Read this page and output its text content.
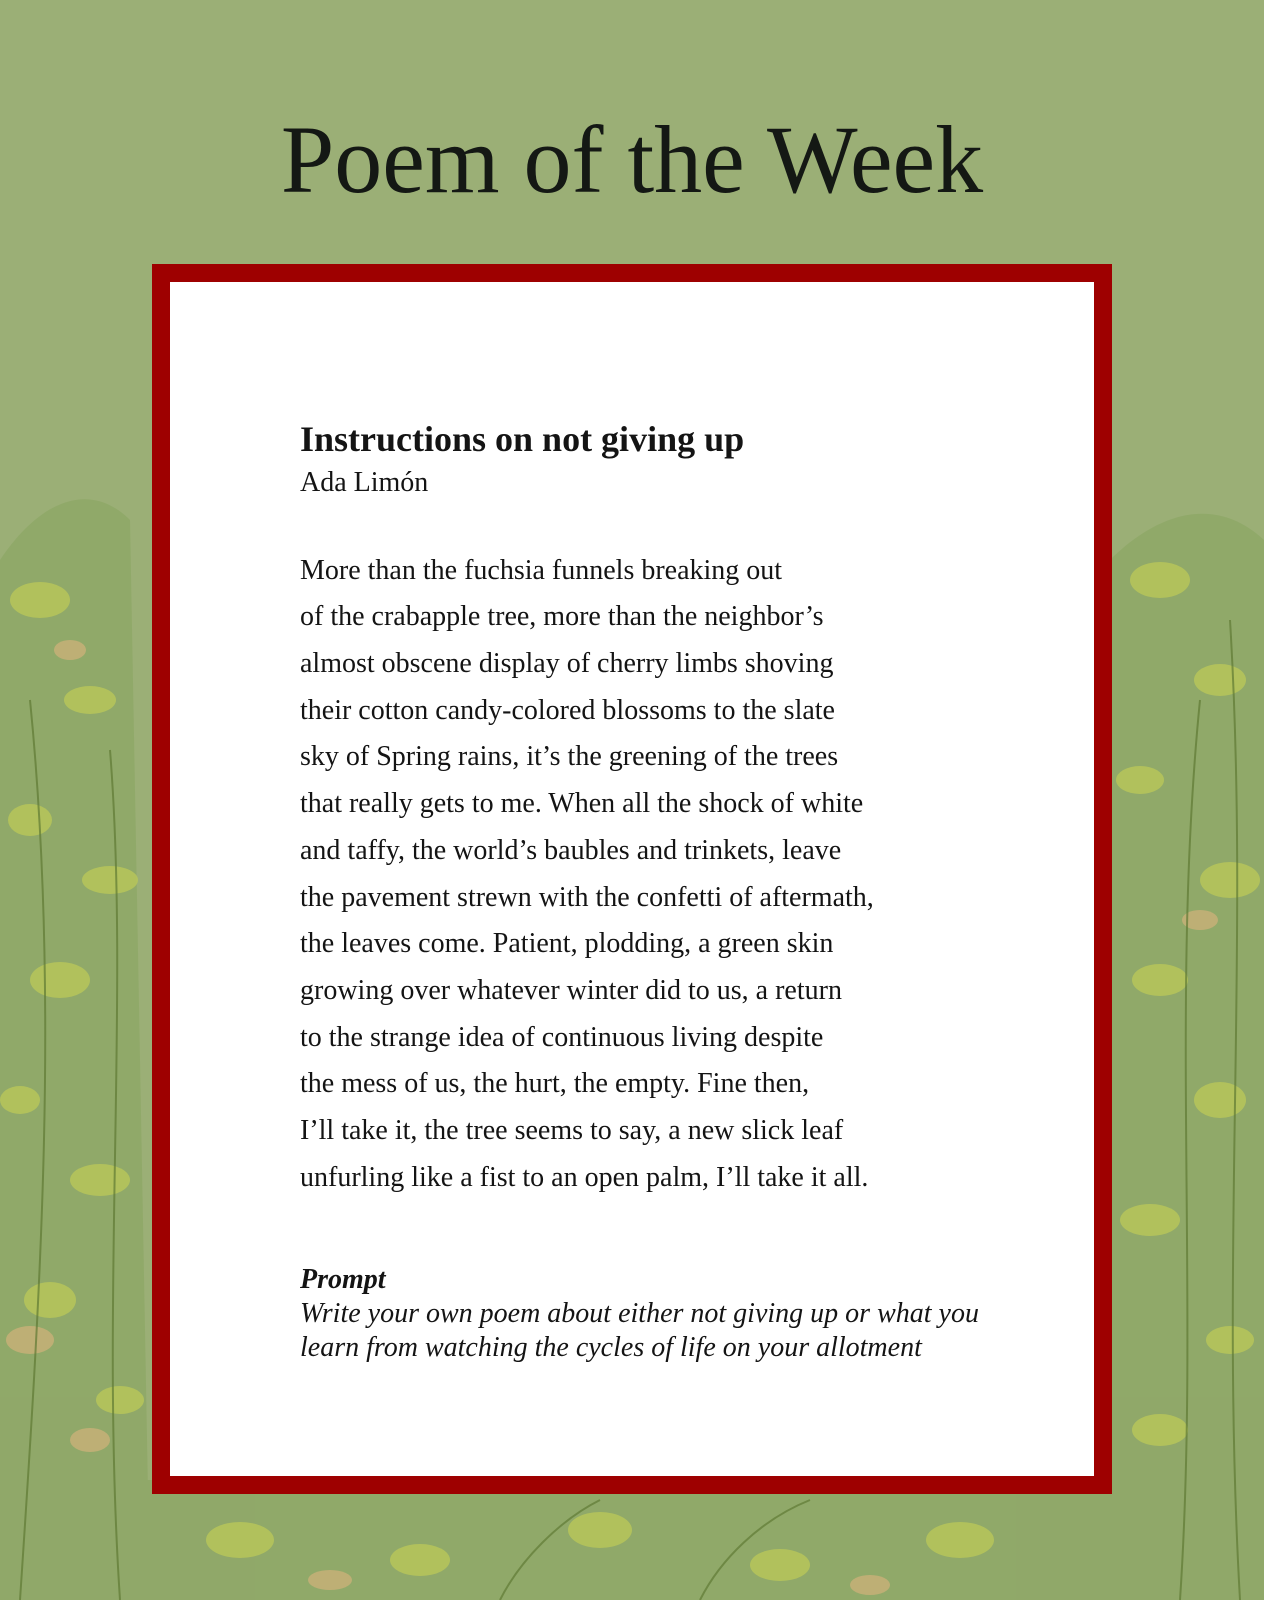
Poem of the Week
Instructions on not giving up
Ada Limón
More than the fuchsia funnels breaking out
of the crabapple tree, more than the neighbor’s
almost obscene display of cherry limbs shoving
their cotton candy-colored blossoms to the slate
sky of Spring rains, it’s the greening of the trees
that really gets to me. When all the shock of white
and taffy, the world’s baubles and trinkets, leave
the pavement strewn with the confetti of aftermath,
the leaves come. Patient, plodding, a green skin
growing over whatever winter did to us, a return
to the strange idea of continuous living despite
the mess of us, the hurt, the empty. Fine then,
I’ll take it, the tree seems to say, a new slick leaf
unfurling like a fist to an open palm, I’ll take it all.
Prompt
Write your own poem about either not giving up or what you
learn from watching the cycles of life on your allotment
